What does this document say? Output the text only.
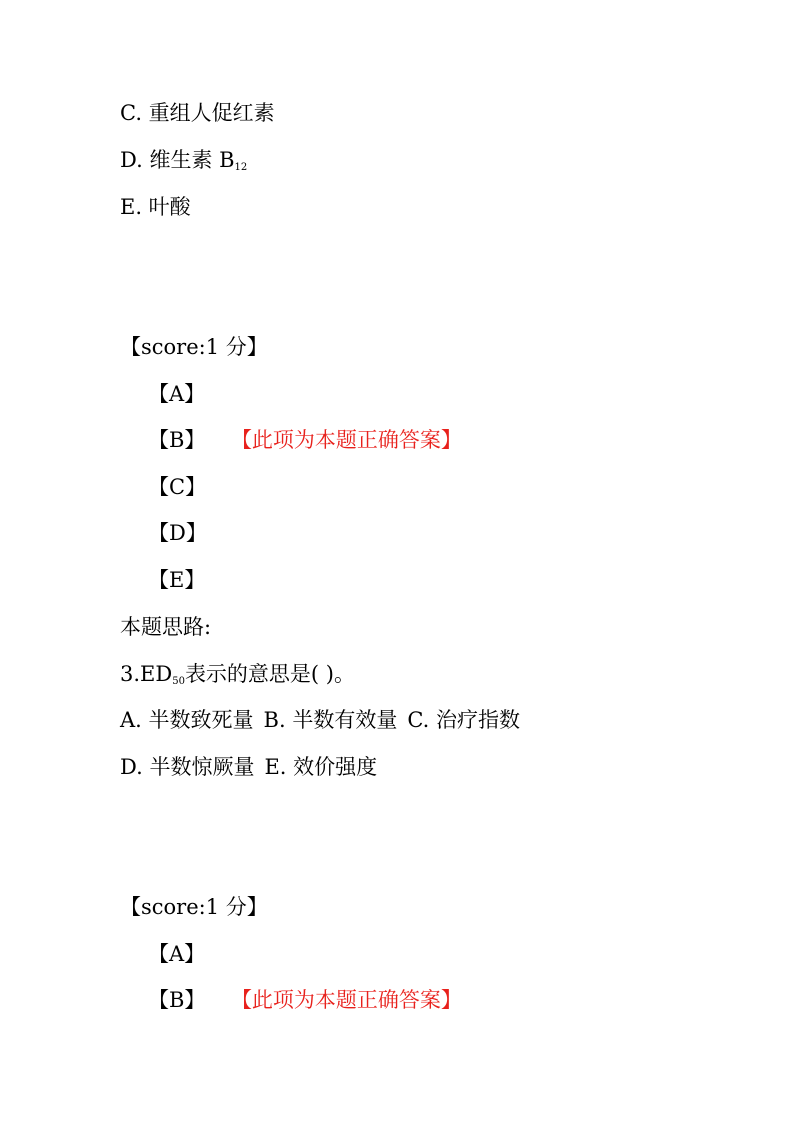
C. 重组人促红素
D. 维生素 $B_{12}$
E. 叶酸
【score:1 分】
【A】
【B】 【此项为本题正确答案】
【C】
【D】
【E】
本题思路:
$3.ED_{50}$表示的意思是( )。
A. 半数致死量 B. 半数有效量 C. 治疗指数
D. 半数惊厥量 E. 效价强度
【score:1 分】
【A】
【B】 【此项为本题正确答案】
